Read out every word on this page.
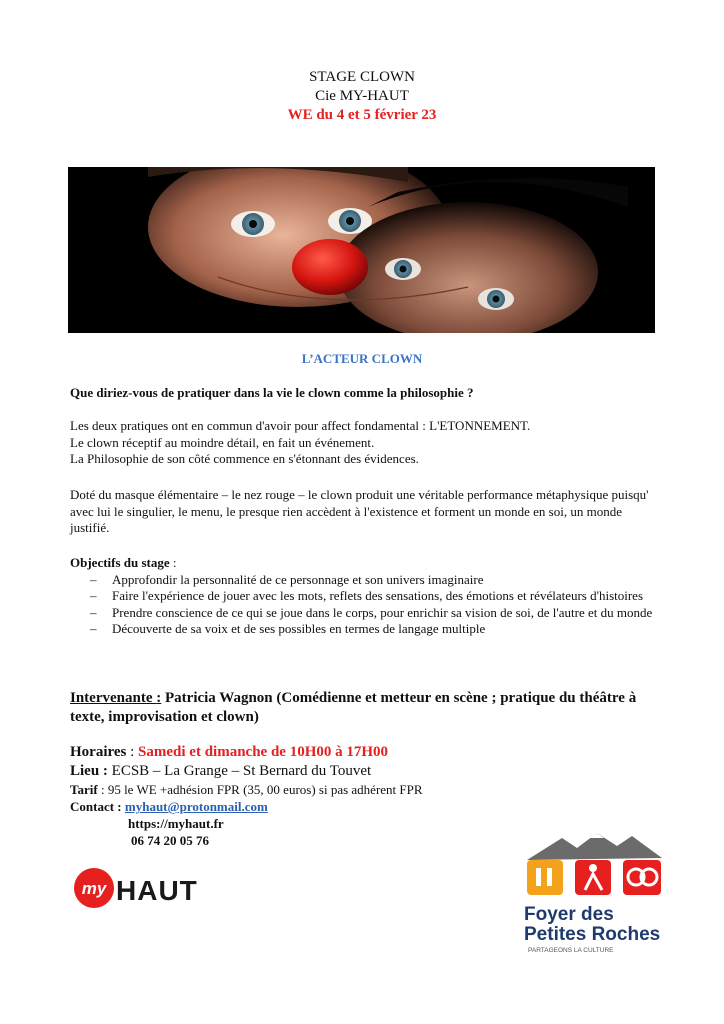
STAGE CLOWN
Cie MY-HAUT
WE du 4 et 5 février 23
L’ACTEUR CLOWN
Que diriez-vous de pratiquer dans la vie le clown comme la philosophie ?
Les deux pratiques ont en commun d'avoir pour affect fondamental : L'ETONNEMENT.
Le clown réceptif au moindre détail, en fait un événement.
La Philosophie de son côté commence en s'étonnant des évidences.
Doté du masque élémentaire – le nez rouge – le clown produit une véritable performance métaphysique puisqu' avec lui le singulier, le menu, le presque rien accèdent à l'existence et forment un monde en soi, un monde justifié.
Objectifs du stage :
– Approfondir la personnalité de ce personnage et son univers imaginaire
– Faire l'expérience de jouer avec les mots, reflets des sensations, des émotions et révélateurs d'histoires
– Prendre conscience de ce qui se joue dans le corps, pour enrichir sa vision de soi, de l'autre et du monde
– Découverte de sa voix et de ses possibles en termes de langage multiple
Intervenante : Patricia Wagnon (Comédienne et metteur en scène ; pratique du théâtre à texte, improvisation et clown)
Horaires : Samedi et dimanche de 10H00 à 17H00
Lieu : ECSB – La Grange – St Bernard du Touvet
Tarif : 95 le WE +adhésion FPR (35, 00 euros) si pas adhérent FPR
Contact : myhaut@protonmail.com
https://myhaut.fr
06 74 20 05 76
my HAUT
Foyer des
Petites Roches
PARTAGEONS LA CULTURE
